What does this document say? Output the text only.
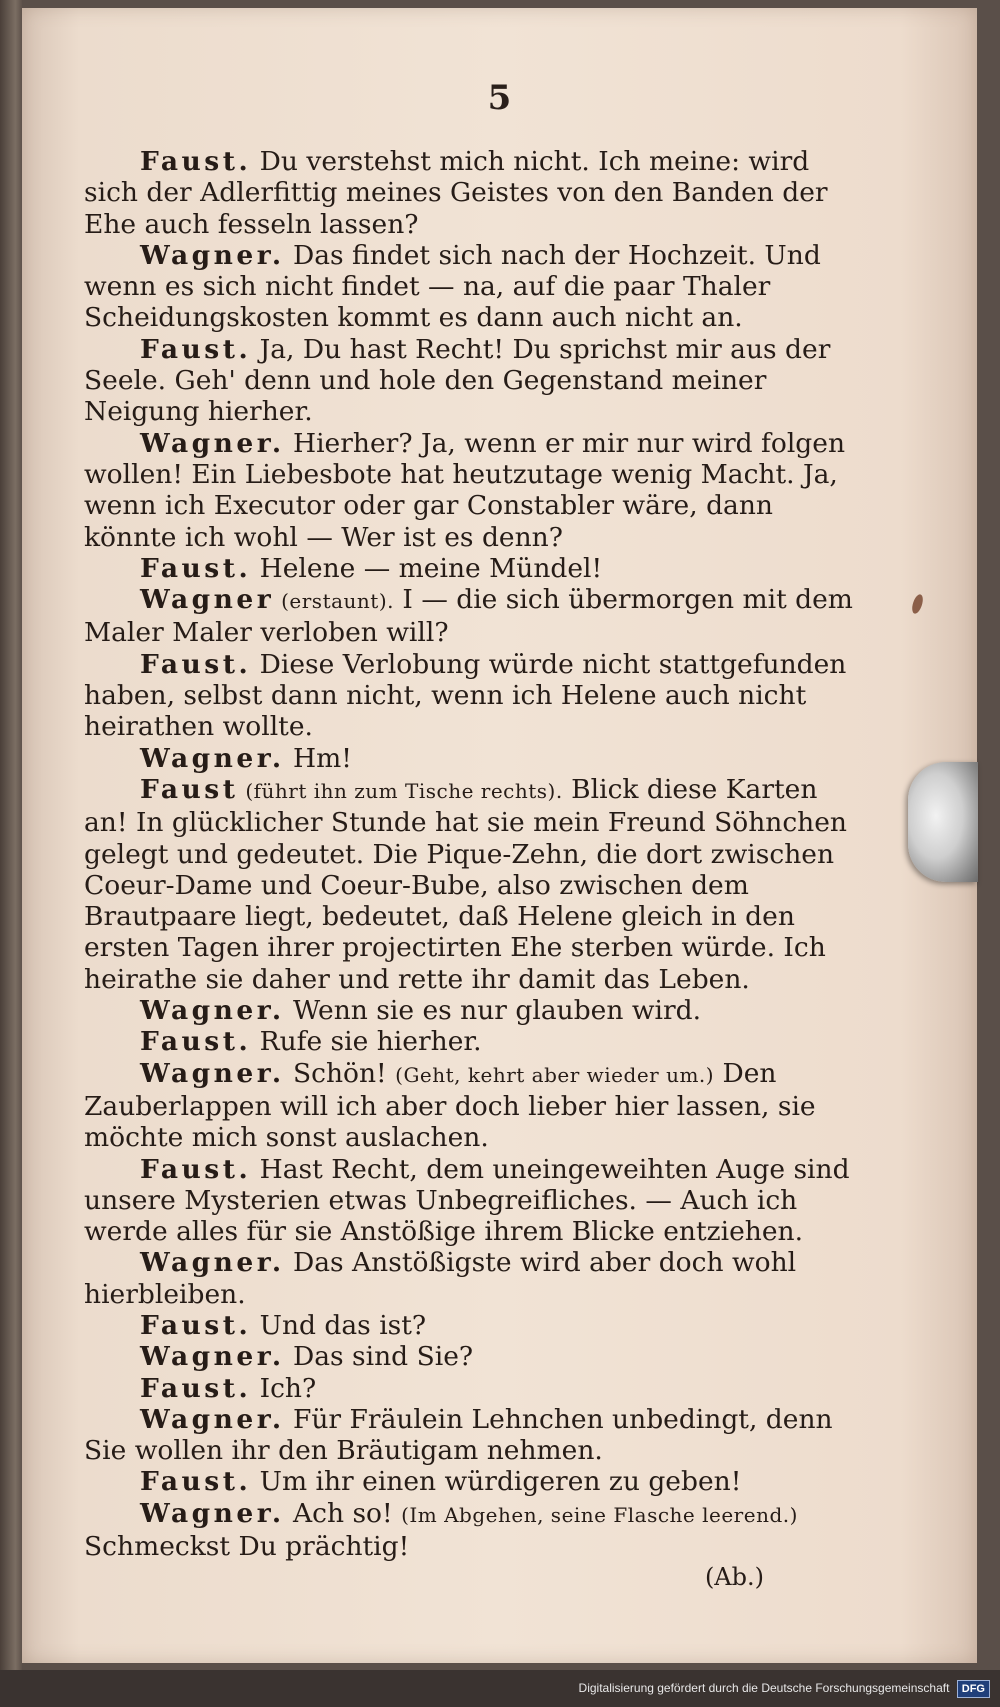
5

Faust. Du verstehst mich nicht. Ich meine: wird sich der Adlerfittig meines Geistes von den Banden der Ehe auch fesseln lassen?

Wagner. Das findet sich nach der Hochzeit. Und wenn es sich nicht findet — na, auf die paar Thaler Scheidungskosten kommt es dann auch nicht an.

Faust. Ja, Du hast Recht! Du sprichst mir aus der Seele. Geh' denn und hole den Gegenstand meiner Neigung hierher.

Wagner. Hierher? Ja, wenn er mir nur wird folgen wollen! Ein Liebesbote hat heutzutage wenig Macht. Ja, wenn ich Executor oder gar Constabler wäre, dann könnte ich wohl — Wer ist es denn?

Faust. Helene — meine Mündel!

Wagner (erstaunt). I — die sich übermorgen mit dem Maler Maler verloben will?

Faust. Diese Verlobung würde nicht stattgefunden haben, selbst dann nicht, wenn ich Helene auch nicht heirathen wollte.

Wagner. Hm!

Faust (führt ihn zum Tische rechts). Blick diese Karten an! In glücklicher Stunde hat sie mein Freund Söhnchen gelegt und gedeutet. Die Pique-Zehn, die dort zwischen Coeur-Dame und Coeur-Bube, also zwischen dem Brautpaare liegt, bedeutet, daß Helene gleich in den ersten Tagen ihrer projectirten Ehe sterben würde. Ich heirathe sie daher und rette ihr damit das Leben.

Wagner. Wenn sie es nur glauben wird.

Faust. Rufe sie hierher.

Wagner. Schön! (Geht, kehrt aber wieder um.) Den Zauberlappen will ich aber doch lieber hier lassen, sie möchte mich sonst auslachen.

Faust. Hast Recht, dem uneingeweihten Auge sind unsere Mysterien etwas Unbegreifliches. — Auch ich werde alles für sie Anstößige ihrem Blicke entziehen.

Wagner. Das Anstößigste wird aber doch wohl hierbleiben.

Faust. Und das ist?

Wagner. Das sind Sie?

Faust. Ich?

Wagner. Für Fräulein Lehnchen unbedingt, denn Sie wollen ihr den Bräutigam nehmen.

Faust. Um ihr einen würdigeren zu geben!

Wagner. Ach so! (Im Abgehen, seine Flasche leerend.) Schmeckst Du prächtig!

(Ab.)

Digitalisierung gefördert durch die Deutsche Forschungsgemeinschaft DFG
